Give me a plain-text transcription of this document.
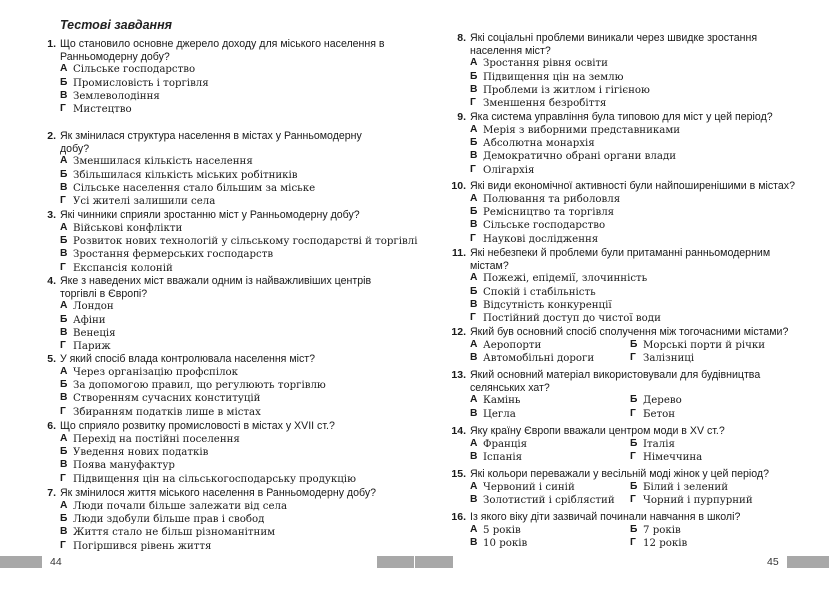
Тестові завдання
1. Що становило основне джерело доходу для міського населення в Ранньомодерну добу?
А Сільське господарство
Б Промисловість і торгівля
В Землеволодіння
Г Мистецтво
2. Як змінилася структура населення в містах у Ранньомодерну добу?
А Зменшилася кількість населення
Б Збільшилася кількість міських робітників
В Сільське населення стало більшим за міське
Г Усі жителі залишили села
3. Які чинники сприяли зростанню міст у Ранньомодерну добу?
А Військові конфлікти
Б Розвиток нових технологій у сільському господарстві й торгівлі
В Зростання фермерських господарств
Г Експансія колоній
4. Яке з наведених міст вважали одним із найважливіших центрів торгівлі в Європі?
А Лондон
Б Афіни
В Венеція
Г Париж
5. У який спосіб влада контролювала населення міст?
А Через організацію профспілок
Б За допомогою правил, що регулюють торгівлю
В Створенням сучасних конституцій
Г Збиранням податків лише в містах
6. Що сприяло розвитку промисловості в містах у XVII ст.?
А Перехід на постійні поселення
Б Уведення нових податків
В Поява мануфактур
Г Підвищення цін на сільськогосподарську продукцію
7. Як змінилося життя міського населення в Ранньомодерну добу?
А Люди почали більше залежати від села
Б Люди здобули більше прав і свобод
В Життя стало не більш різноманітним
Г Погіршився рівень життя
44
8. Які соціальні проблеми виникали через швидке зростання населення міст?
А Зростання рівня освіти
Б Підвищення цін на землю
В Проблеми із житлом і гігієною
Г Зменшення безробіття
9. Яка система управління була типовою для міст у цей період?
А Мерія з виборними представниками
Б Абсолютна монархія
В Демократично обрані органи влади
Г Олігархія
10. Які види економічної активності були найпоширенішими в містах?
А Полювання та риболовля
Б Ремісництво та торгівля
В Сільське господарство
Г Наукові дослідження
11. Які небезпеки й проблеми були притаманні ранньомодерним містам?
А Пожежі, епідемії, злочинність
Б Спокій і стабільність
В Відсутність конкуренції
Г Постійний доступ до чистої води
12. Який був основний спосіб сполучення між тогочасними містами?
А Аеропорти	Б Морські порти й річки
В Автомобільні дороги	Г Залізниці
13. Який основний матеріал використовували для будівництва селянських хат?
А Камінь	Б Дерево
В Цегла	Г Бетон
14. Яку країну Європи вважали центром моди в XV ст.?
А Франція	Б Італія
В Іспанія	Г Німеччина
15. Які кольори переважали у весільній моді жінок у цей період?
А Червоний і синій	Б Білий і зелений
В Золотистий і сріблястий	Г Чорний і пурпурний
16. Із якого віку діти зазвичай починали навчання в школі?
А 5 років	Б 7 років
В 10 років	Г 12 років
45
